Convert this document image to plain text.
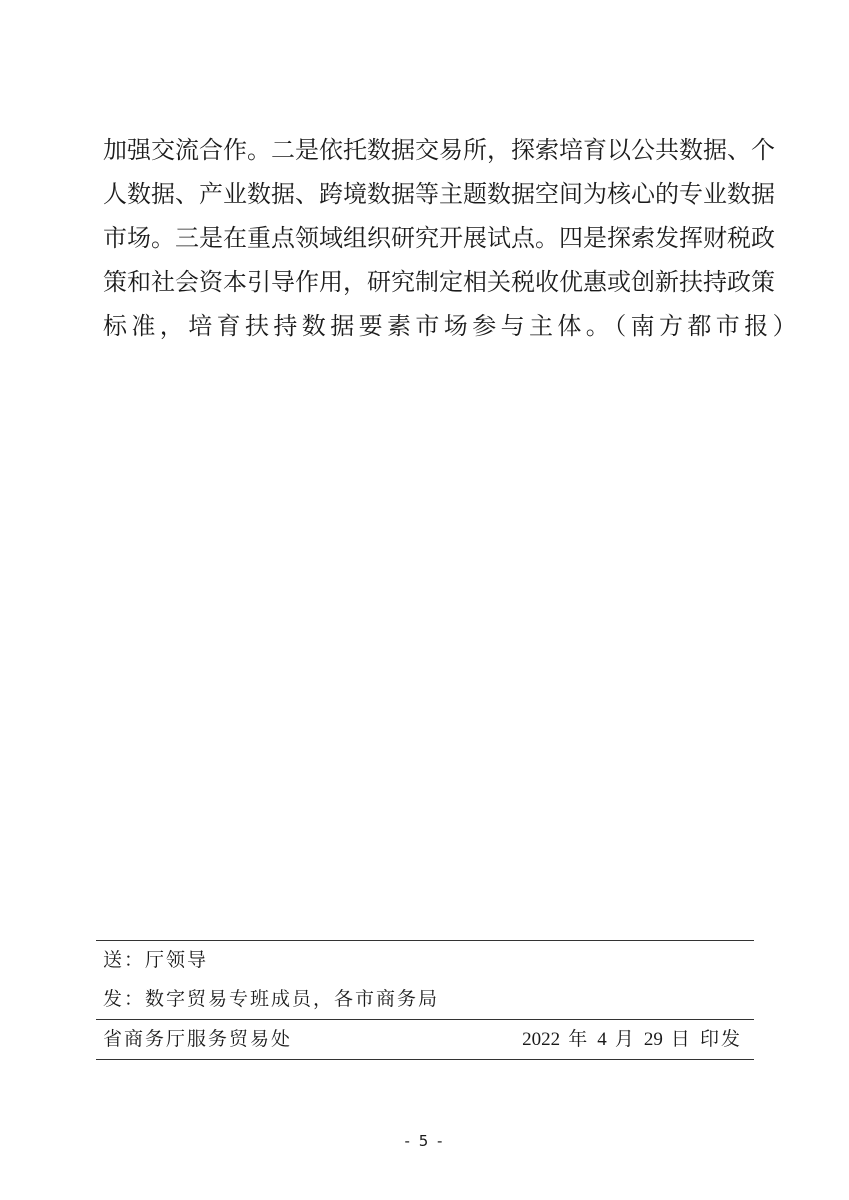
加强交流合作。二是依托数据交易所，探索培育以公共数据、个
人数据、产业数据、跨境数据等主题数据空间为核心的专业数据
市场。三是在重点领域组织研究开展试点。四是探索发挥财税政
策和社会资本引导作用，研究制定相关税收优惠或创新扶持政策
标准，培育扶持数据要素市场参与主体。（南方都市报）
送：厅领导
发：数字贸易专班成员，各市商务局
省商务厅服务贸易处	2022 年 4 月 29 日 印发
- 5 -
